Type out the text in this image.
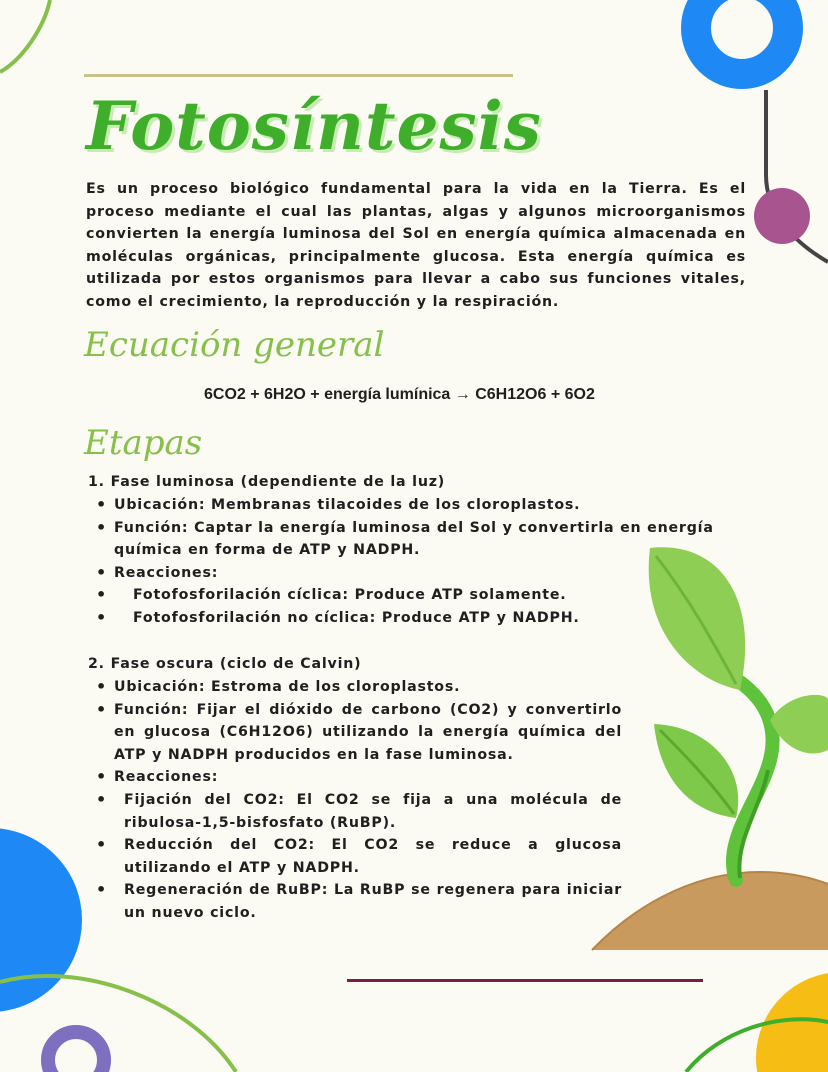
Fotosíntesis

Es un proceso biológico fundamental para la vida en la Tierra. Es el proceso mediante el cual las plantas, algas y algunos microorganismos convierten la energía luminosa del Sol en energía química almacenada en moléculas orgánicas, principalmente glucosa. Esta energía química es utilizada por estos organismos para llevar a cabo sus funciones vitales, como el crecimiento, la reproducción y la respiración.

Ecuación general

6CO2 + 6H2O + energía lumínica → C6H12O6 + 6O2

Etapas

1. Fase luminosa (dependiente de la luz)

• Ubicación: Membranas tilacoides de los cloroplastos.
• Función: Captar la energía luminosa del Sol y convertirla en energía química en forma de ATP y NADPH.
• Reacciones:
• Fotofosforilación cíclica: Produce ATP solamente.
• Fotofosforilación no cíclica: Produce ATP y NADPH.

2. Fase oscura (ciclo de Calvin)

• Ubicación: Estroma de los cloroplastos.
• Función: Fijar el dióxido de carbono (CO2) y convertirlo en glucosa (C6H12O6) utilizando la energía química del ATP y NADPH producidos en la fase luminosa.
• Reacciones:
• Fijación del CO2: El CO2 se fija a una molécula de ribulosa-1,5-bisfosfato (RuBP).
• Reducción del CO2: El CO2 se reduce a glucosa utilizando el ATP y NADPH.
• Regeneración de RuBP: La RuBP se regenera para iniciar un nuevo ciclo.
